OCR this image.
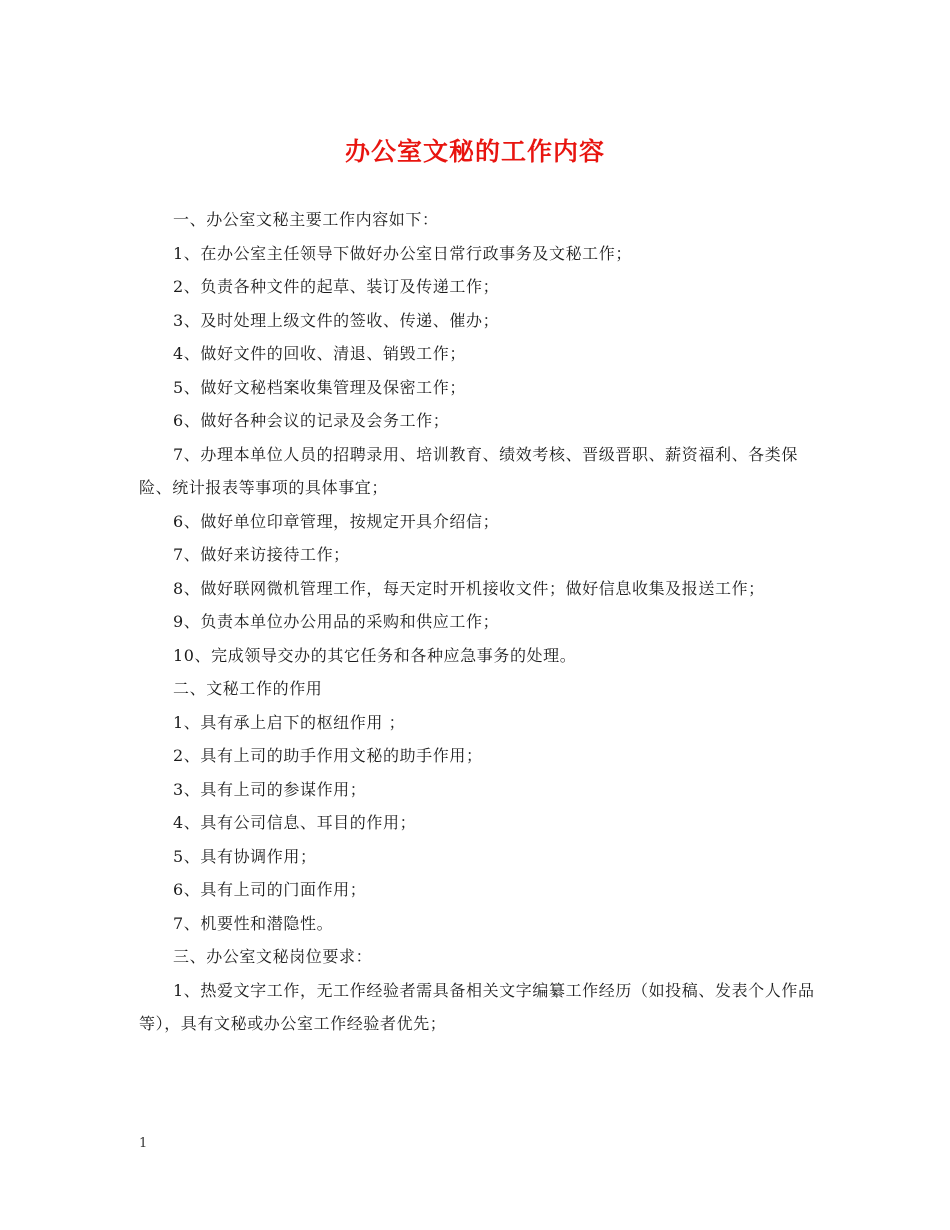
办公室文秘的工作内容

一、办公室文秘主要工作内容如下：

1、在办公室主任领导下做好办公室日常行政事务及文秘工作；

2、负责各种文件的起草、装订及传递工作；

3、及时处理上级文件的签收、传递、催办；

4、做好文件的回收、清退、销毁工作；

5、做好文秘档案收集管理及保密工作；

6、做好各种会议的记录及会务工作；

7、办理本单位人员的招聘录用、培训教育、绩效考核、晋级晋职、薪资福利、各类保险、统计报表等事项的具体事宜；

6、做好单位印章管理，按规定开具介绍信；

7、做好来访接待工作；

8、做好联网微机管理工作，每天定时开机接收文件；做好信息收集及报送工作；

9、负责本单位办公用品的采购和供应工作；

10、完成领导交办的其它任务和各种应急事务的处理。

二、文秘工作的作用

1、具有承上启下的枢纽作用 ；

2、具有上司的助手作用文秘的助手作用；

3、具有上司的参谋作用；

4、具有公司信息、耳目的作用；

5、具有协调作用；

6、具有上司的门面作用；

7、机要性和潜隐性。

三、办公室文秘岗位要求：

1、热爱文字工作，无工作经验者需具备相关文字编纂工作经历（如投稿、发表个人作品等），具有文秘或办公室工作经验者优先；

1
